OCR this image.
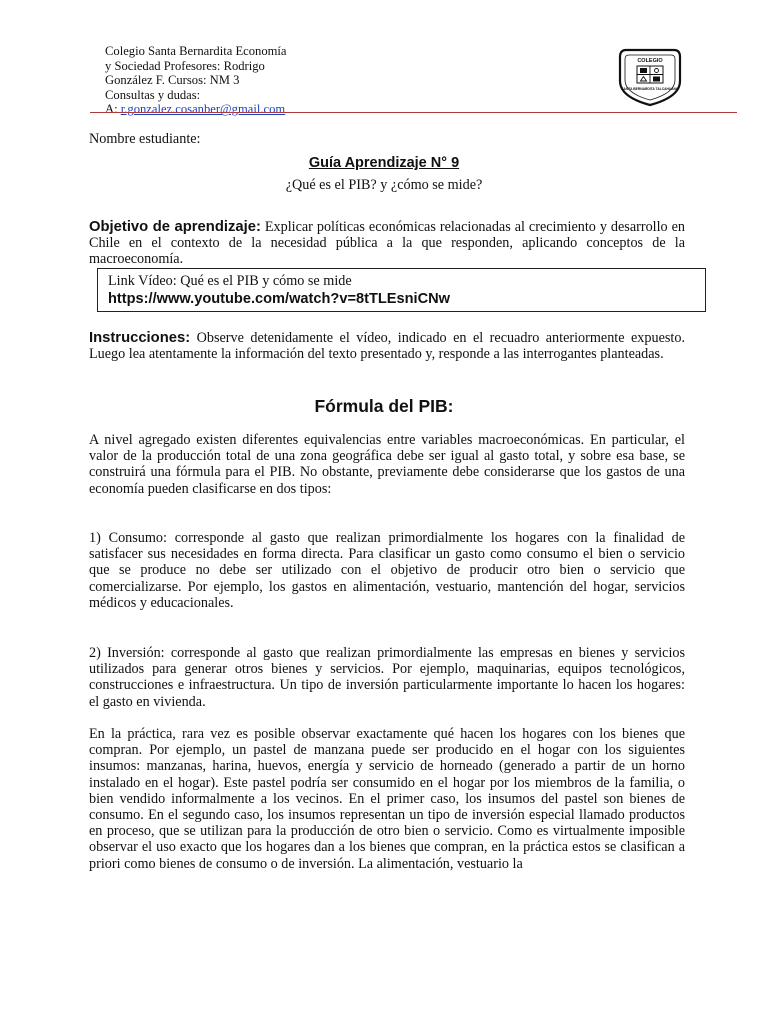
Colegio Santa Bernardita Economía
y Sociedad Profesores: Rodrigo
González F. Cursos: NM 3
Consultas y dudas:
A: r.gonzalez.cosanber@gmail.com
COLEGIO
SANTA BERNARDITA TALCAHUANO
Nombre estudiante:
Guía Aprendizaje N° 9
¿Qué es el PIB? y ¿cómo se mide?
Objetivo de aprendizaje: Explicar políticas económicas relacionadas al crecimiento y desarrollo en Chile en el contexto de la necesidad pública a la que responden, aplicando conceptos de la macroeconomía.
Link Vídeo: Qué es el PIB y cómo se mide
https://www.youtube.com/watch?v=8tTLEsniCNw
Instrucciones: Observe detenidamente el vídeo, indicado en el recuadro anteriormente expuesto. Luego lea atentamente la información del texto presentado y, responde a las interrogantes planteadas.
Fórmula del PIB:
A nivel agregado existen diferentes equivalencias entre variables macroeconómicas. En particular, el valor de la producción total de una zona geográfica debe ser igual al gasto total, y sobre esa base, se construirá una fórmula para el PIB. No obstante, previamente debe considerarse que los gastos de una economía pueden clasificarse en dos tipos:
1) Consumo: corresponde al gasto que realizan primordialmente los hogares con la finalidad de satisfacer sus necesidades en forma directa. Para clasificar un gasto como consumo el bien o servicio que se produce no debe ser utilizado con el objetivo de producir otro bien o servicio que comercializarse. Por ejemplo, los gastos en alimentación, vestuario, mantención del hogar, servicios médicos y educacionales.
2) Inversión: corresponde al gasto que realizan primordialmente las empresas en bienes y servicios utilizados para generar otros bienes y servicios. Por ejemplo, maquinarias, equipos tecnológicos, construcciones e infraestructura. Un tipo de inversión particularmente importante lo hacen los hogares: el gasto en vivienda.
En la práctica, rara vez es posible observar exactamente qué hacen los hogares con los bienes que compran. Por ejemplo, un pastel de manzana puede ser producido en el hogar con los siguientes insumos: manzanas, harina, huevos, energía y servicio de horneado (generado a partir de un horno instalado en el hogar). Este pastel podría ser consumido en el hogar por los miembros de la familia, o bien vendido informalmente a los vecinos. En el primer caso, los insumos del pastel son bienes de consumo. En el segundo caso, los insumos representan un tipo de inversión especial llamado productos en proceso, que se utilizan para la producción de otro bien o servicio. Como es virtualmente imposible observar el uso exacto que los hogares dan a los bienes que compran, en la práctica estos se clasifican a priori como bienes de consumo o de inversión. La alimentación, vestuario la
